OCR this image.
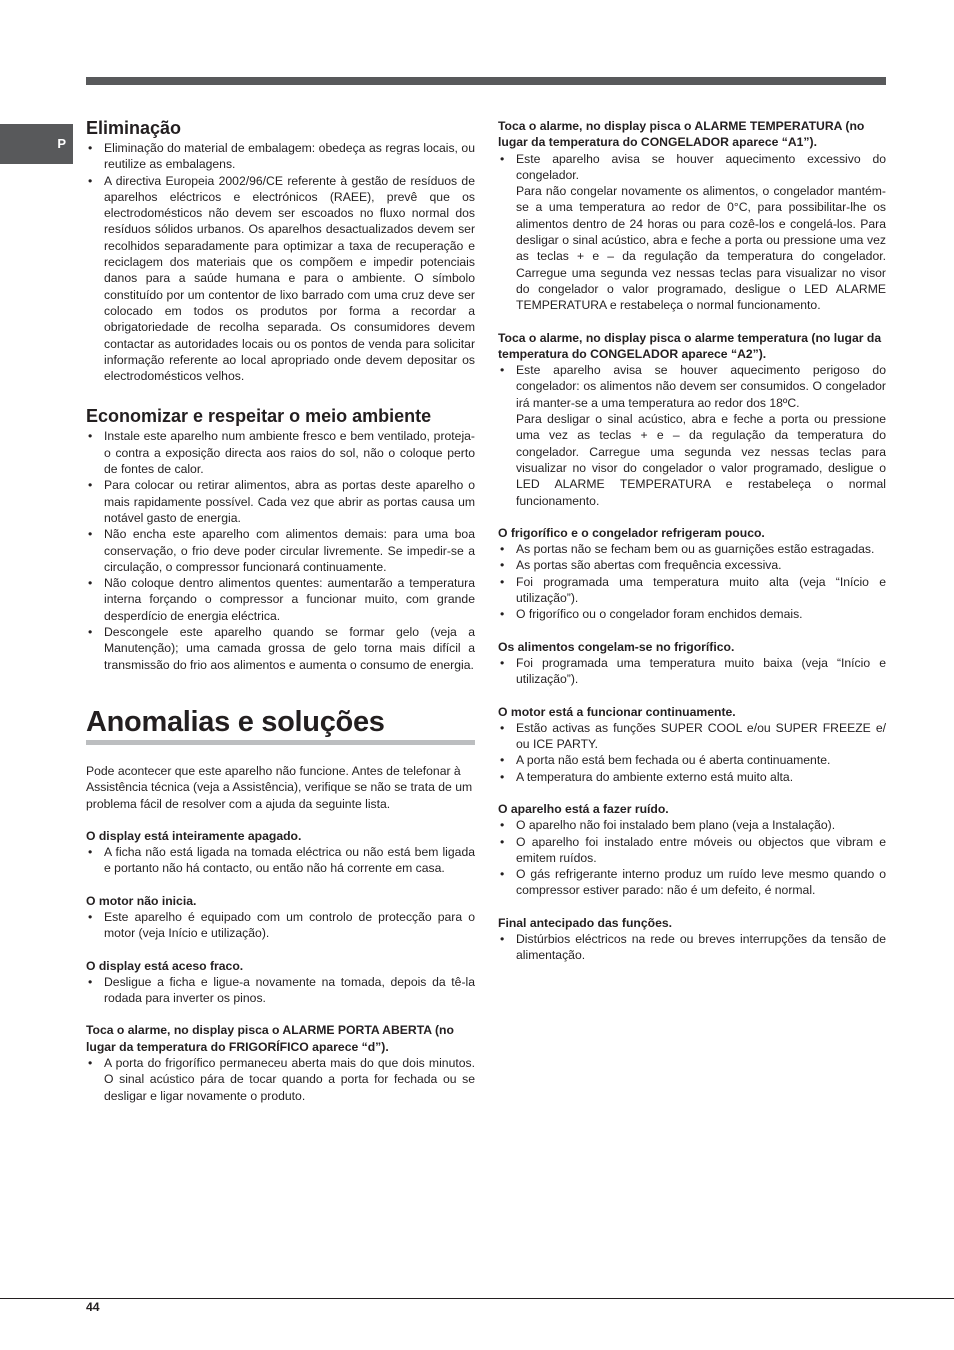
P
Eliminação
• Eliminação do material de embalagem: obedeça as regras locais, ou reutilize as embalagens.
• A directiva Europeia 2002/96/CE referente à gestão de resíduos de aparelhos eléctricos e electrónicos (RAEE), prevê que os electrodomésticos não devem ser escoados no fluxo normal dos resíduos sólidos urbanos. Os aparelhos desactualizados devem ser recolhidos separadamente para optimizar a taxa de recuperação e reciclagem dos materiais que os compõem e impedir potenciais danos para a saúde humana e para o ambiente. O símbolo constituído por um contentor de lixo barrado com uma cruz deve ser colocado em todos os produtos por forma a recordar a obrigatoriedade de recolha separada. Os consumidores devem contactar as autoridades locais ou os pontos de venda para solicitar informação referente ao local apropriado onde devem depositar os electrodomésticos velhos.
Economizar e respeitar o meio ambiente
• Instale este aparelho num ambiente fresco e bem ventilado, proteja-o contra a exposição directa aos raios do sol, não o coloque perto de fontes de calor.
• Para colocar ou retirar alimentos, abra as portas deste aparelho o mais rapidamente possível. Cada vez que abrir as portas causa um notável gasto de energia.
• Não encha este aparelho com alimentos demais: para uma boa conservação, o frio deve poder circular livremente. Se impedir-se a circulação, o compressor funcionará continuamente.
• Não coloque dentro alimentos quentes: aumentarão a temperatura interna forçando o compressor a funcionar muito, com grande desperdício de energia eléctrica.
• Descongele este aparelho quando se formar gelo (veja a Manutenção); uma camada grossa de gelo torna mais difícil a transmissão do frio aos alimentos e aumenta o consumo de energia.
Anomalias e soluções

Pode acontecer que este aparelho não funcione. Antes de telefonar à Assistência técnica (veja a Assistência), verifique se não se trata de um problema fácil de resolver com a ajuda da seguinte lista.

O display está inteiramente apagado.

• A ficha não está ligada na tomada eléctrica ou não está bem ligada e portanto não há contacto, ou então não há corrente em casa.

O motor não inicia.

• Este aparelho é equipado com um controlo de protecção para o motor (veja Início e utilização).

O display está aceso fraco.

• Desligue a ficha e ligue-a novamente na tomada, depois da tê-la rodada para inverter os pinos.

Toca o alarme, no display pisca o ALARME PORTA ABERTA (no lugar da temperatura do FRIGORÍFICO aparece “d”).

• A porta do frigorífico permaneceu aberta mais do que dois minutos. O sinal acústico pára de tocar quando a porta for fechada ou se desligar e ligar novamente o produto.

Toca o alarme, no display pisca o ALARME TEMPERATURA (no lugar da temperatura do CONGELADOR aparece “A1”).

• Este aparelho avisa se houver aquecimento excessivo do congelador.
Para não congelar novamente os alimentos, o congelador mantém-se a uma temperatura ao redor de 0°C, para possibilitar-lhe os alimentos dentro de 24 horas ou para cozê-los e congelá-los. Para desligar o sinal acústico, abra e feche a porta ou pressione uma vez as teclas + e – da regulação da temperatura do congelador. Carregue uma segunda vez nessas teclas para visualizar no visor do congelador o valor programado, desligue o LED ALARME TEMPERATURA e restabeleça o normal funcionamento.

Toca o alarme, no display pisca o alarme temperatura (no lugar da temperatura do CONGELADOR aparece “A2”).

• Este aparelho avisa se houver aquecimento perigoso do congelador: os alimentos não devem ser consumidos. O congelador irá manter-se a uma temperatura ao redor dos 18ºC.
Para desligar o sinal acústico, abra e feche a porta ou pressione uma vez as teclas + e – da regulação da temperatura do congelador. Carregue uma segunda vez nessas teclas para visualizar no visor do congelador o valor programado, desligue o LED ALARME TEMPERATURA e restabeleça o normal funcionamento.

O frigorífico e o congelador refrigeram pouco.

• As portas não se fecham bem ou as guarnições estão estragadas.
• As portas são abertas com frequência excessiva.
• Foi programada uma temperatura muito alta (veja “Início e utilização”).
• O frigorífico ou o congelador foram enchidos demais.

Os alimentos congelam-se no frigorífico.

• Foi programada uma temperatura muito baixa (veja “Início e utilização”).

O motor está a funcionar continuamente.

• Estão activas as funções SUPER COOL e/ou SUPER FREEZE e/ ou ICE PARTY.
• A porta não está bem fechada ou é aberta continuamente.
• A temperatura do ambiente externo está muito alta.

O aparelho está a fazer ruído.

• O aparelho não foi instalado bem plano (veja a Instalação).
• O aparelho foi instalado entre móveis ou objectos que vibram e emitem ruídos.
• O gás refrigerante interno produz um ruído leve mesmo quando o compressor estiver parado: não é um defeito, é normal.

Final antecipado das funções.

• Distúrbios eléctricos na rede ou breves interrupções da tensão de alimentação.
44
